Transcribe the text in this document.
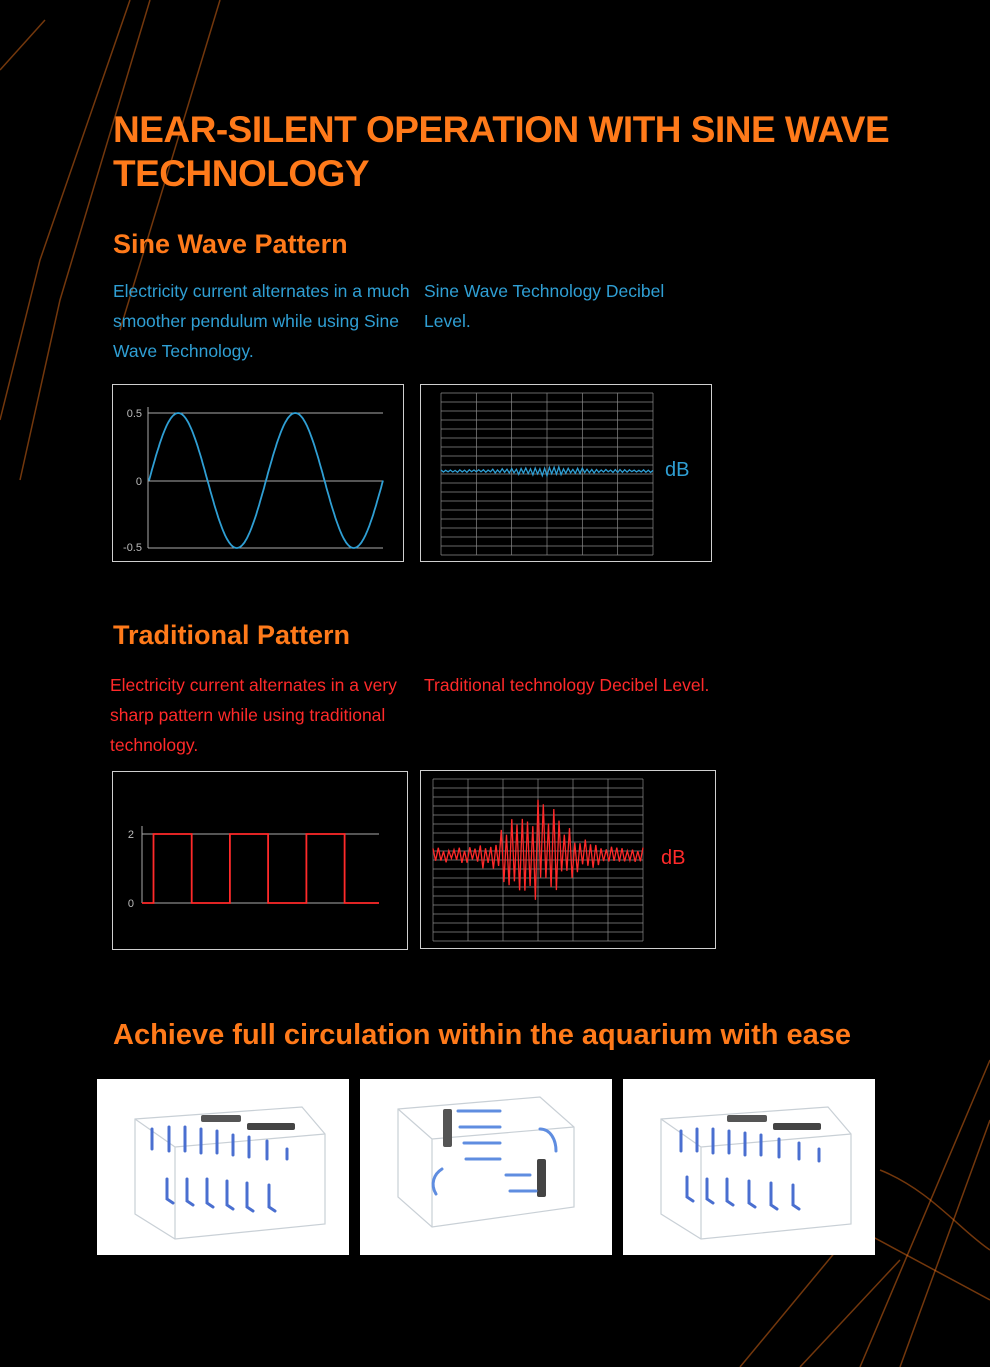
NEAR-SILENT OPERATION WITH SINE WAVE TECHNOLOGY
Sine Wave Pattern
Electricity current alternates in a much smoother pendulum while using Sine Wave Technology.
Sine Wave Technology Decibel Level.
0.5
0
-0.5
dB
Traditional Pattern
Electricity current alternates in a very sharp pattern while using traditional technology.
Traditional technology Decibel Level.
2
0
dB
Achieve full circulation within the aquarium with ease
